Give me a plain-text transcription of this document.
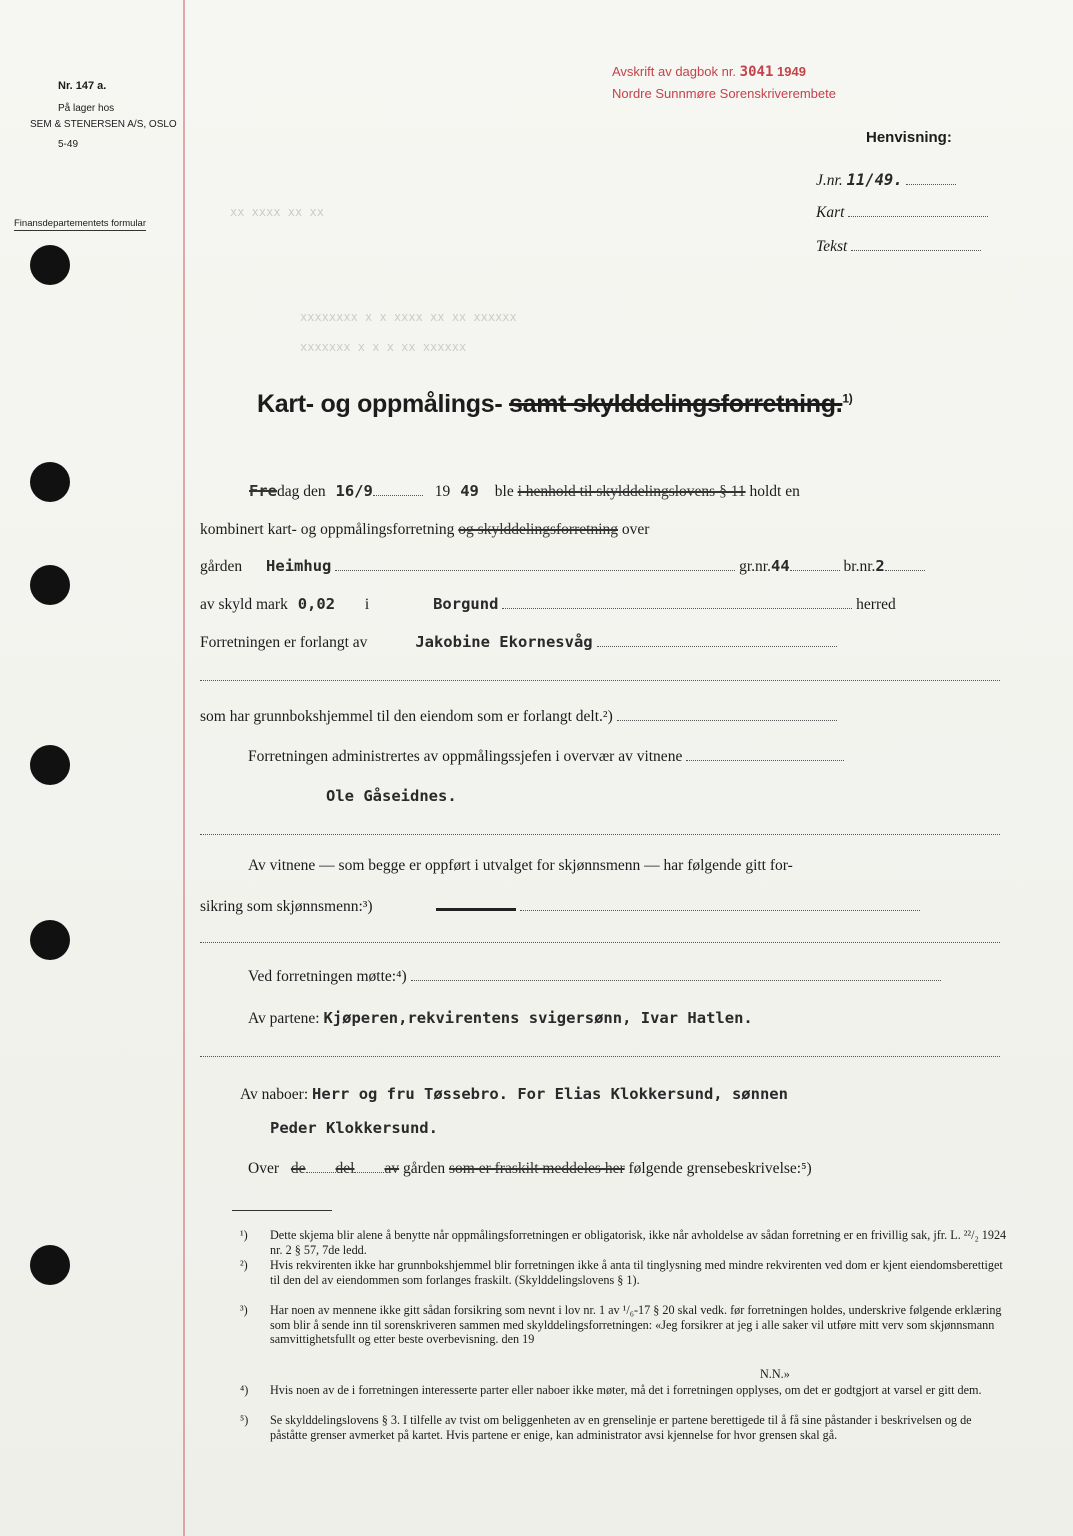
xx xxxx xx xx
xxxxxxxx x x xxxx xx xx xxxxxx
xxxxxxx x x x xx xxxxxx
Nr. 147 a.
På lager hos
SEM & STENERSEN A/S, OSLO
5-49
Finansdepartementets formular
Avskrift av dagbok nr. 3041 1949
Nordre Sunnmøre Sorenskriverembete
Henvisning:
J.nr. 11/49.
Kart
Tekst
Kart- og oppmålings- samt skylddelingsforretning.$^{1)}$
Fredag den 16/9	19 49 ble i henhold til skylddelingslovens § 11 holdt en
kombinert kart- og oppmålingsforretning og skylddelingsforretning over
gården Heimhug	gr.nr.44	br.nr.2
av skyld mark 0,02 i	Borgund	herred
Forretningen er forlangt av	Jakobine Ekornesvåg
som har grunnbokshjemmel til den eiendom som er forlangt delt.²)
Forretningen administrertes av oppmålingssjefen i overvær av vitnene
Ole Gåseidnes.
Av vitnene — som begge er oppført i utvalget for skjønnsmenn — har følgende gitt for-
sikring som skjønnsmenn:³)
Ved forretningen møtte:⁴)
Av partene: Kjøperen,rekvirentens svigersønn, Ivar Hatlen.
Av naboer: Herr og fru Tøssebro. For Elias Klokkersund, sønnen
Peder Klokkersund.
Over de del av gården som er fraskilt meddeles her følgende grensebeskrivelse:⁵)
¹) Dette skjema blir alene å benytte når oppmålingsforretningen er obligatorisk, ikke når avholdelse av sådan forretning er en frivillig sak, jfr. L. ²²/₂ 1924 nr. 2 § 57, 7de ledd.
²) Hvis rekvirenten ikke har grunnbokshjemmel blir forretningen ikke å anta til tinglysning med mindre rekvirenten ved dom er kjent eiendomsberettiget til den del av eiendommen som forlanges fraskilt. (Skylddelingslovens § 1).
³) Har noen av mennene ikke gitt sådan forsikring som nevnt i lov nr. 1 av ¹/₆-17 § 20 skal vedk. før forretningen holdes, underskrive følgende erklæring som blir å sende inn til sorenskriveren sammen med skylddelingsforretningen: «Jeg forsikrer at jeg i alle saker vil utføre mitt verv som skjønnsmann samvittighetsfullt og etter beste overbevisning. den 19
N.N.»
⁴) Hvis noen av de i forretningen interesserte parter eller naboer ikke møter, må det i forretningen opplyses, om det er godtgjort at varsel er gitt dem.
⁵) Se skylddelingslovens § 3. I tilfelle av tvist om beliggenheten av en grenselinje er partene berettigede til å få sine påstander i beskrivelsen og de påståtte grenser avmerket på kartet. Hvis partene er enige, kan administrator avsi kjennelse for hvor grensen skal gå.
